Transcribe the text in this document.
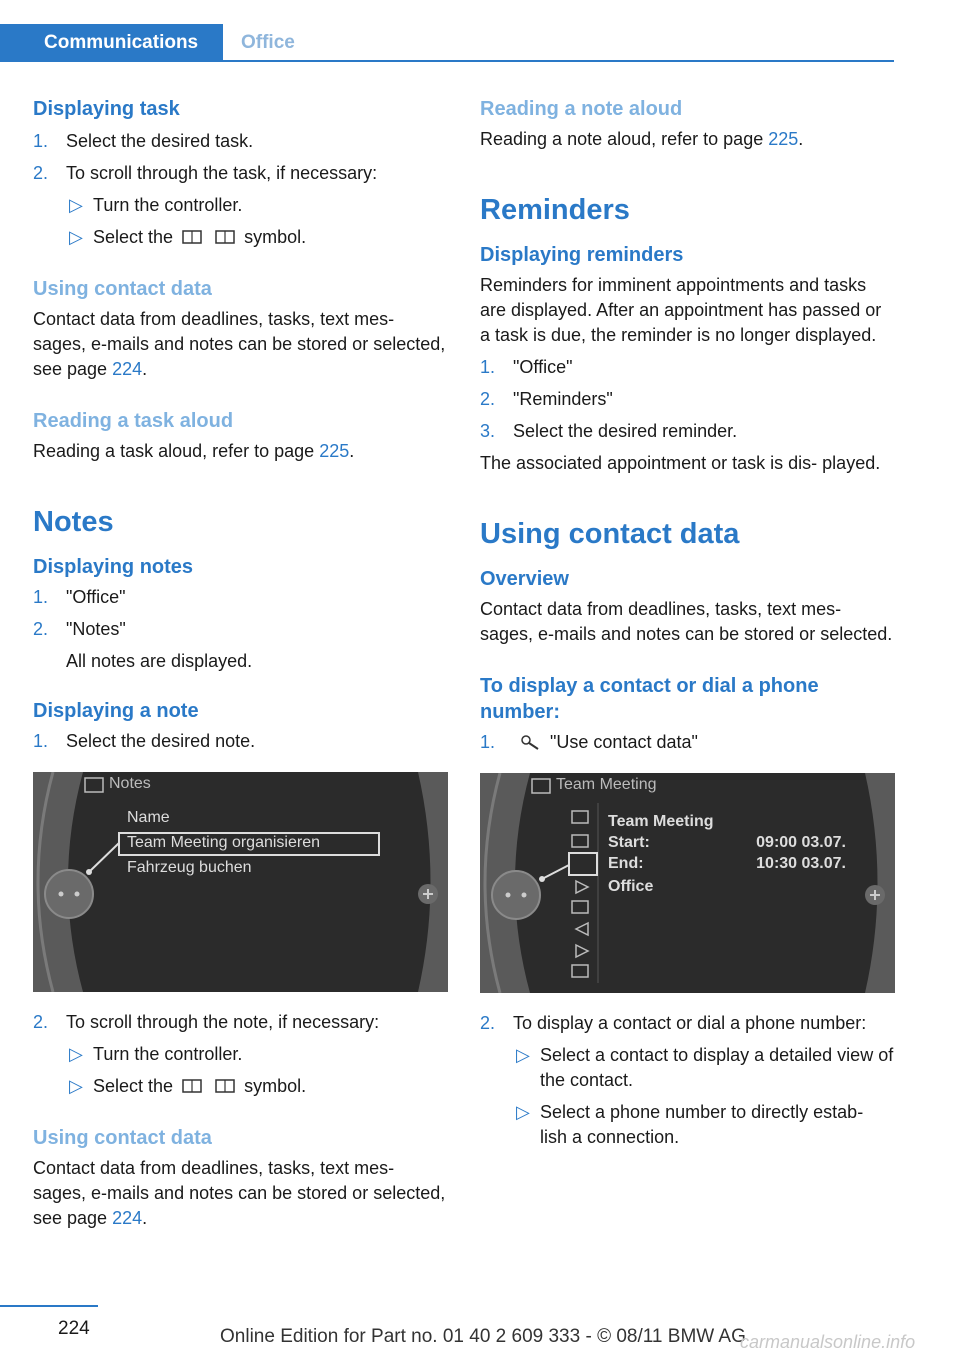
Communications	Office
Displaying task
1. Select the desired task.
2. To scroll through the task, if necessary:
▷ Turn the controller.
▷ Select the	symbol.
Using contact data

Contact data from deadlines, tasks, text mes- sages, e-mails and notes can be stored or selected, see page 224.

Reading a task aloud

Reading a task aloud, refer to page 225.

Notes
Displaying notes
1. "Office"
2. "Notes"
All notes are displayed.
Displaying a note
1. Select the desired note.
Notes
Name
Team Meeting organisieren
Fahrzeug buchen
2. To scroll through the note, if necessary:
▷ Turn the controller.
▷ Select the	symbol.
Using contact data

Contact data from deadlines, tasks, text mes- sages, e-mails and notes can be stored or selected, see page 224.

Reading a note aloud

Reading a note aloud, refer to page 225.

Reminders
Displaying reminders

Reminders for imminent appointments and tasks are displayed. After an appointment has passed or a task is due, the reminder is no longer displayed.

1. "Office"
2. "Reminders"
3. Select the desired reminder.

The associated appointment or task is dis- played.

Using contact data
Overview

Contact data from deadlines, tasks, text mes- sages, e-mails and notes can be stored or selected.

To display a contact or dial a phone number:
1.	"Use contact data"
Team Meeting
Team Meeting
Start:	09:00 03.07.
End:	10:30 03.07.
Office
2. To display a contact or dial a phone number:
▷ Select a contact to display a detailed view of the contact.
▷ Select a phone number to directly estab- lish a connection.
224	Online Edition for Part no. 01 40 2 609 333 - © 08/11 BMW AG
carmanualsonline.info
